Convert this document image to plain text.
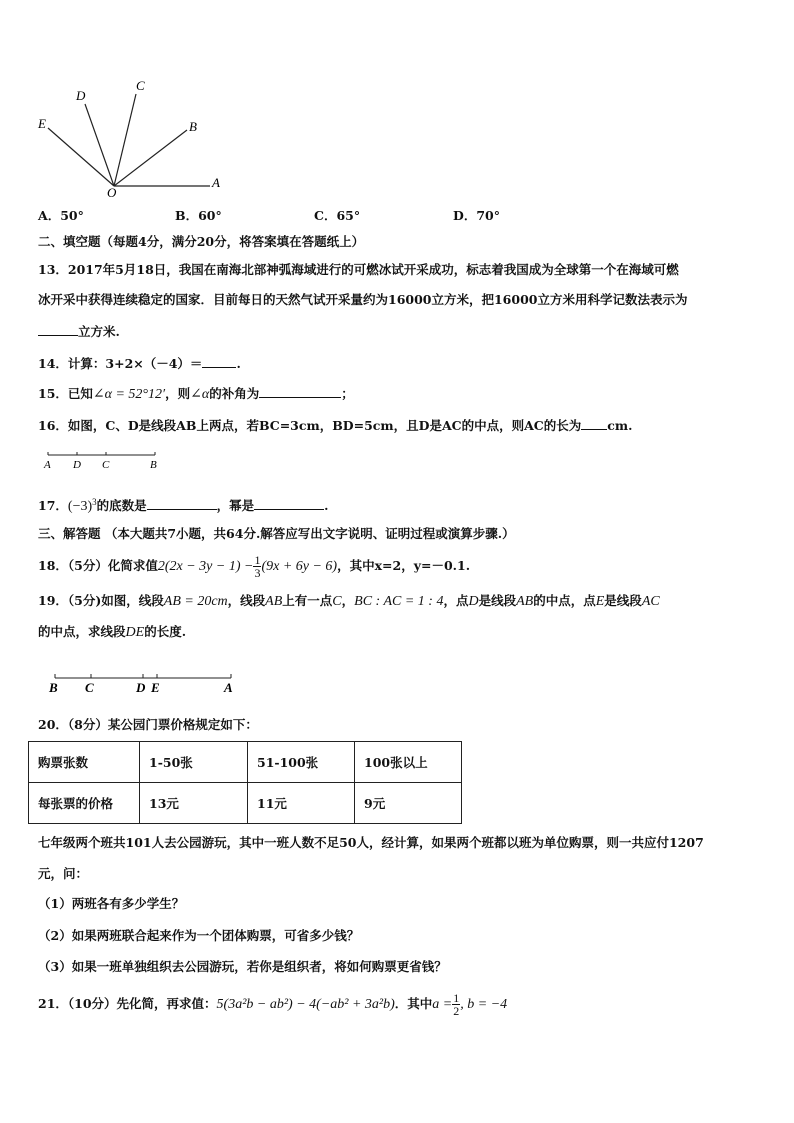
E
D
C
B
O
A
A．50°	B．60°	C．65°	D．70°
二、填空题（每题4分，满分20分，将答案填在答题纸上）
13．2017年5月18日，我国在南海北部神弧海域进行的可燃冰试开采成功，标志着我国成为全球第一个在海域可燃
冰开采中获得连续稳定的国家．目前每日的天然气试开采量约为16000立方米，把16000立方米用科学记数法表示为
立方米.
14．计算：3+2×（－4）＝	.
15．已知∠α = 52°12′，则∠α的补角为	；
16．如图，C、D是线段AB上两点，若BC=3cm，BD=5cm，且D是AC的中点，则AC的长为 cm.
A D C	B
17．$(-3)^3$的底数是	，幂是	.
三、解答题 （本大题共7小题，共64分.解答应写出文字说明、证明过程或演算步骤.）
18．（5分）化简求值$2(2x - 3y - 1) - \frac{1}{3} (9x + 6y - 6)$，其中x=2，y=－0.1.
19．（5分)如图，线段AB = 20cm，线段AB上有一点C，BC : AC = 1 : 4，点D是线段AB的中点，点E是线段AC
的中点，求线段DE的长度.
B C	D E	A
20．（8分）某公园门票价格规定如下：
购票张数	1-50张	51-100张	100张以上
每张票的价格	13元	11元	9元
七年级两个班共101人去公园游玩，其中一班人数不足50人，经计算，如果两个班都以班为单位购票，则一共应付1207
元，问：
（1）两班各有多少学生？
（2）如果两班联合起来作为一个团体购票，可省多少钱？
（3）如果一班单独组织去公园游玩，若你是组织者，将如何购票更省钱？
21．（10分）先化简，再求值：5(3a²b − ab²) − 4(−ab² + 3a²b)．其中$a = \frac{1}{2}$ , b = −4
